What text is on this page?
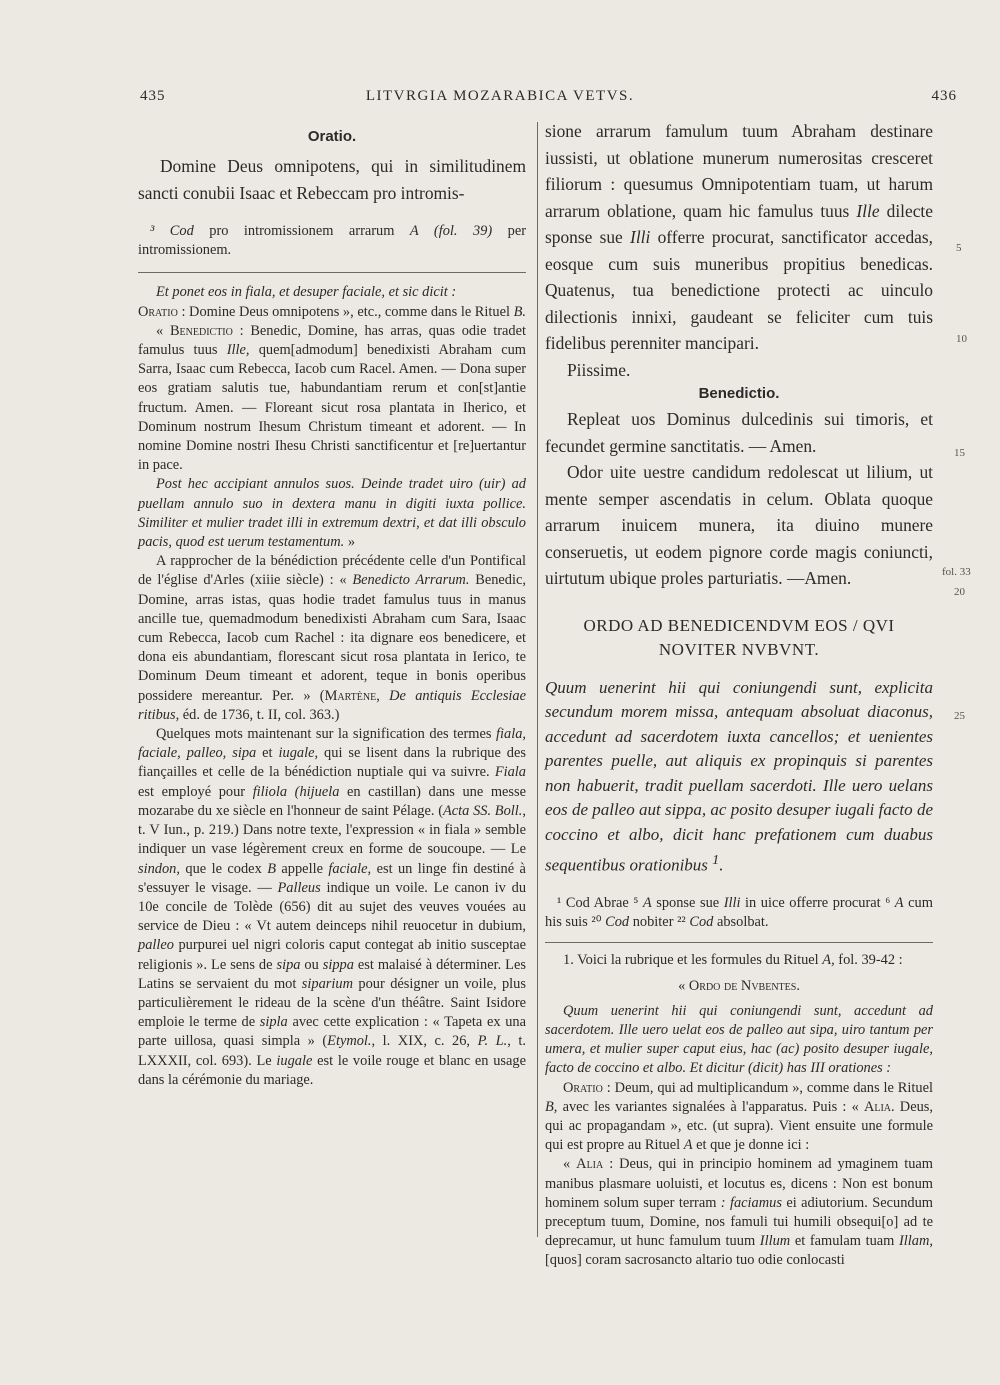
435	LITVRGIA MOZARABICA VETVS.	436

Oratio.

Domine Deus omnipotens, qui in similitudinem sancti conubii Isaac et Rebeccam pro intromis-

³ Cod pro intromissionem arrarum A (fol. 39) per intromissionem.

Et ponet eos in fiala, et desuper faciale, et sic dicit :

Oratio : Domine Deus omnipotens », etc., comme dans le Rituel B.

« Benedictio : Benedic, Domine, has arras, quas odie tradet famulus tuus Ille, quem[admodum] benedixisti Abraham cum Sarra, Isaac cum Rebecca, Iacob cum Racel. Amen. — Dona super eos gratiam salutis tue, habundantiam rerum et con[st]antie fructum. Amen. — Floreant sicut rosa plantata in Iherico, et Dominum nostrum Ihesum Christum timeant et adorent. — In nomine Domine nostri Ihesu Christi sanctificentur et [re]uertantur in pace.

Post hec accipiant annulos suos. Deinde tradet uiro (uir) ad puellam annulo suo in dextera manu in digiti iuxta pollice. Similiter et mulier tradet illi in extremum dextri, et dat illi obsculo pacis, quod est uerum testamentum. »

A rapprocher de la bénédiction précédente celle d'un Pontifical de l'église d'Arles (xiiie siècle) : « Benedicto Arrarum. Benedic, Domine, arras istas, quas hodie tradet famulus tuus in manus ancille tue, quemadmodum benedixisti Abraham cum Sara, Isaac cum Rebecca, Iacob cum Rachel : ita dignare eos benedicere, et dona eis abundantiam, florescant sicut rosa plantata in Ierico, te Dominum Deum timeant et adorent, teque in bonis operibus possidere mereantur. Per. » (Martène, De antiquis Ecclesiae ritibus, éd. de 1736, t. II, col. 363.)

Quelques mots maintenant sur la signification des termes fiala, faciale, palleo, sipa et iugale, qui se lisent dans la rubrique des fiançailles et celle de la bénédiction nuptiale qui va suivre. Fiala est employé pour filiola (hijuela en castillan) dans une messe mozarabe du xe siècle en l'honneur de saint Pélage. (Acta SS. Boll., t. V Iun., p. 219.) Dans notre texte, l'expression « in fiala » semble indiquer un vase légèrement creux en forme de soucoupe. — Le sindon, que le codex B appelle faciale, est un linge fin destiné à s'essuyer le visage. — Palleus indique un voile. Le canon iv du 10e concile de Tolède (656) dit au sujet des veuves vouées au service de Dieu : « Vt autem deinceps nihil reuocetur in dubium, palleo purpurei uel nigri coloris caput contegat ab initio susceptae religionis ». Le sens de sipa ou sippa est malaisé à déterminer. Les Latins se servaient du mot siparium pour désigner un voile, plus particulièrement le rideau de la scène d'un théâtre. Saint Isidore emploie le terme de sipla avec cette explication : « Tapeta ex una parte uillosa, quasi simpla » (Etymol., l. XIX, c. 26, P. L., t. LXXXII, col. 693). Le iugale est le voile rouge et blanc en usage dans la cérémonie du mariage.

sione arrarum famulum tuum Abraham destinare iussisti, ut oblatione munerum numerositas cresceret filiorum : quesumus Omnipotentiam tuam, ut harum arrarum oblatione, quam hic famulus tuus Ille dilecte sponse sue Illi offerre procurat, sanctificator accedas, eosque cum suis muneribus propitius benedicas. Quatenus, tua benedictione protecti ac uinculo dilectionis innixi, gaudeant se feliciter cum tuis fidelibus perenniter mancipari.

Piissime.

Benedictio.

Repleat uos Dominus dulcedinis sui timoris, et fecundet germine sanctitatis. — Amen.

Odor uite uestre candidum redolescat ut lilium, ut mente semper ascendatis in celum. Oblata quoque arrarum inuicem munera, ita diuino munere conseruetis, ut eodem pignore corde magis coniuncti, uirtutum ubique proles parturiatis. —Amen.

ORDO AD BENEDICENDVM EOS / QVI

NOVITER NVBVNT.

Quum uenerint hii qui coniungendi sunt, explicita secundum morem missa, antequam absoluat diaconus, accedunt ad sacerdotem iuxta cancellos; et uenientes parentes puelle, aut aliquis ex propinquis si parentes non habuerit, tradit puellam sacerdoti. Ille uero uelans eos de palleo aut sippa, ac posito desuper iugali facto de coccino et albo, dicit hanc prefationem cum duabus sequentibus orationibus $^1$.

¹ Cod Abrae ⁵ A sponse sue Illi in uice offerre procurat ⁶ A cum his suis ²⁰ Cod nobiter ²² Cod absolbat.

1. Voici la rubrique et les formules du Rituel A, fol. 39-42 :

« Ordo de Nvbentes.

Quum uenerint hii qui coniungendi sunt, accedunt ad sacerdotem. Ille uero uelat eos de palleo aut sipa, uiro tantum per umera, et mulier super caput eius, hac (ac) posito desuper iugale, facto de coccino et albo. Et dicitur (dicit) has III orationes :

Oratio : Deum, qui ad multiplicandum », comme dans le Rituel B, avec les variantes signalées à l'apparatus. Puis : « Alia. Deus, qui ac propagandam », etc. (ut supra). Vient ensuite une formule qui est propre au Rituel A et que je donne ici :

« Alia : Deus, qui in principio hominem ad ymaginem tuam manibus plasmare uoluisti, et locutus es, dicens : Non est bonum hominem solum super terram : faciamus ei adiutorium. Secundum preceptum tuum, Domine, nos famuli tui humili obsequi[o] ad te deprecamur, ut hunc famulum tuum Illum et famulam tuam Illam, [quos] coram sacrosancto altario tuo odie conlocasti

5
10
15
fol. 33
20
25
